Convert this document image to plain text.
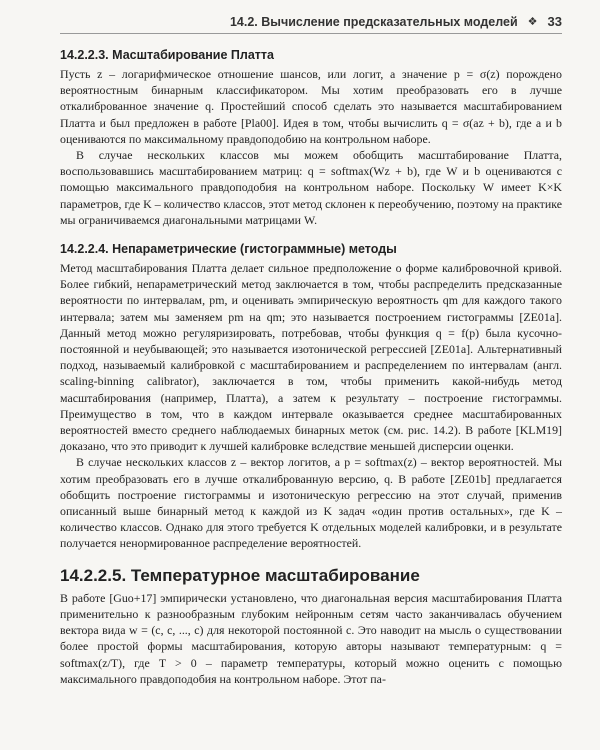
14.2. Вычисление предсказательных моделей ❖ 33
14.2.2.3. Масштабирование Платта

Пусть z – логарифмическое отношение шансов, или логит, а значение p = σ(z) порождено вероятностным бинарным классификатором. Мы хотим преобразовать его в лучше откалиброванное значение q. Простейший способ сделать это называется масштабированием Платта и был предложен в работе [Pla00]. Идея в том, чтобы вычислить q = σ(az + b), где a и b оцениваются по максимальному правдоподобию на контрольном наборе.

В случае нескольких классов мы можем обобщить масштабирование Платта, воспользовавшись масштабированием матриц: q = softmax(Wz + b), где W и b оцениваются с помощью максимального правдоподобия на контрольном наборе. Поскольку W имеет K×K параметров, где K – количество классов, этот метод склонен к переобучению, поэтому на практике мы ограничиваемся диагональными матрицами W.

14.2.2.4. Непараметрические (гистограммные) методы

Метод масштабирования Платта делает сильное предположение о форме калибровочной кривой. Более гибкий, непараметрический метод заключается в том, чтобы распределить предсказанные вероятности по интервалам, pm, и оценивать эмпирическую вероятность qm для каждого такого интервала; затем мы заменяем pm на qm; это называется построением гистограммы [ZE01a]. Данный метод можно регуляризировать, потребовав, чтобы функция q = f(p) была кусочно-постоянной и неубывающей; это называется изотонической регрессией [ZE01a]. Альтернативный подход, называемый калибровкой с масштабированием и распределением по интервалам (англ. scaling-binning calibrator), заключается в том, чтобы применить какой-нибудь метод масштабирования (например, Платта), а затем к результату – построение гистограммы. Преимущество в том, что в каждом интервале оказывается среднее масштабированных вероятностей вместо среднего наблюдаемых бинарных меток (см. рис. 14.2). В работе [KLM19] доказано, что это приводит к лучшей калибровке вследствие меньшей дисперсии оценки.

В случае нескольких классов z – вектор логитов, а p = softmax(z) – вектор вероятностей. Мы хотим преобразовать его в лучше откалиброванную версию, q. В работе [ZE01b] предлагается обобщить построение гистограммы и изотоническую регрессию на этот случай, применив описанный выше бинарный метод к каждой из K задач «один против остальных», где K – количество классов. Однако для этого требуется K отдельных моделей калибровки, и в результате получается ненормированное распределение вероятностей.

14.2.2.5. Температурное масштабирование

В работе [Guo+17] эмпирически установлено, что диагональная версия масштабирования Платта применительно к разнообразным глубоким нейронным сетям часто заканчивалась обучением вектора вида w = (c, c, ..., c) для некоторой постоянной c. Это наводит на мысль о существовании более простой формы масштабирования, которую авторы называют температурным: q = softmax(z/T), где T > 0 – параметр температуры, который можно оценить с помощью максимального правдоподобия на контрольном наборе. Этот па-
